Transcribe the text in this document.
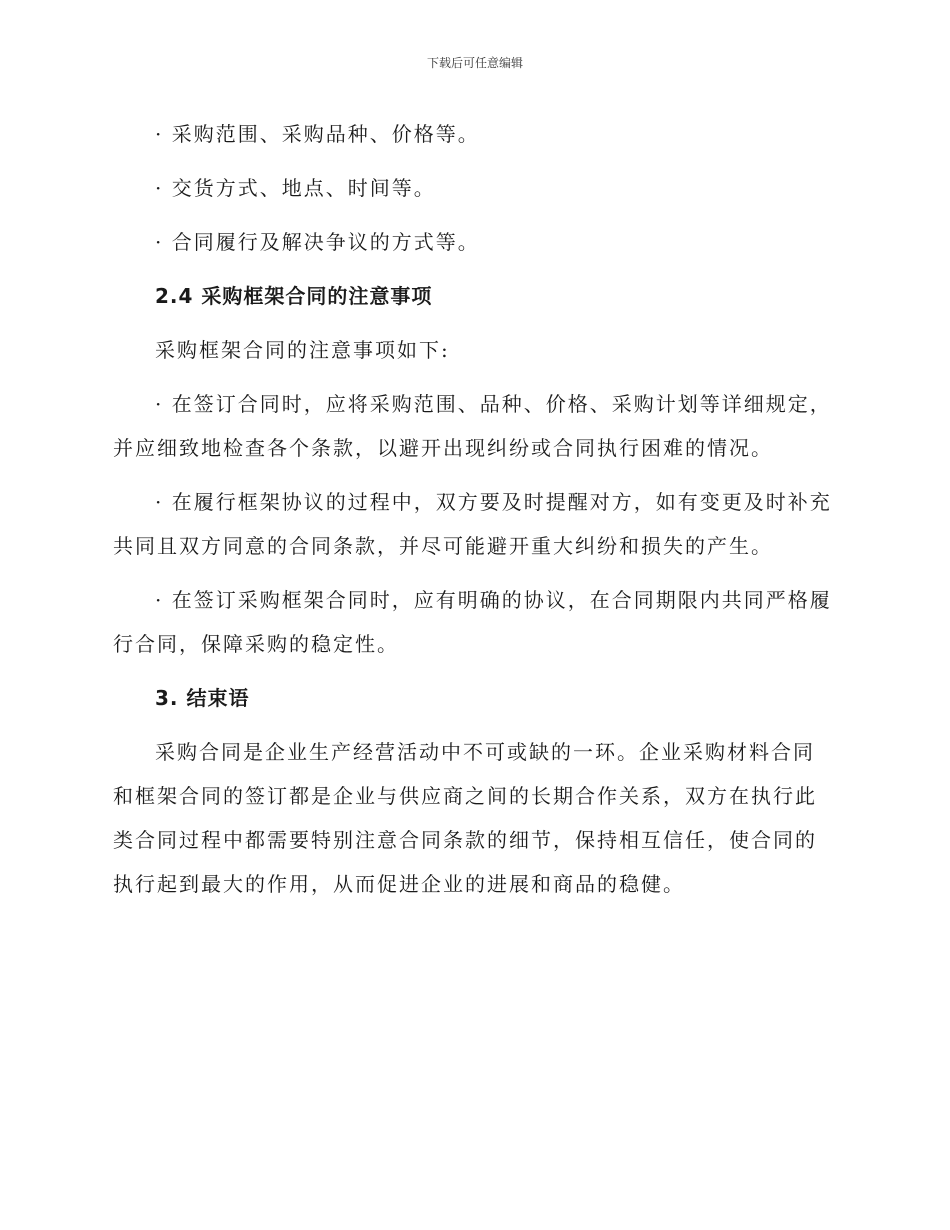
下载后可任意编辑

· 采购范围、采购品种、价格等。

· 交货方式、地点、时间等。

· 合同履行及解决争议的方式等。

2.4 采购框架合同的注意事项

采购框架合同的注意事项如下:

· 在签订合同时，应将采购范围、品种、价格、采购计划等详细规定，并应细致地检查各个条款，以避开出现纠纷或合同执行困难的情况。

· 在履行框架协议的过程中，双方要及时提醒对方，如有变更及时补充共同且双方同意的合同条款，并尽可能避开重大纠纷和损失的产生。

· 在签订采购框架合同时，应有明确的协议，在合同期限内共同严格履行合同，保障采购的稳定性。

3. 结束语

采购合同是企业生产经营活动中不可或缺的一环。企业采购材料合同和框架合同的签订都是企业与供应商之间的长期合作关系，双方在执行此类合同过程中都需要特别注意合同条款的细节，保持相互信任，使合同的执行起到最大的作用，从而促进企业的进展和商品的稳健。
